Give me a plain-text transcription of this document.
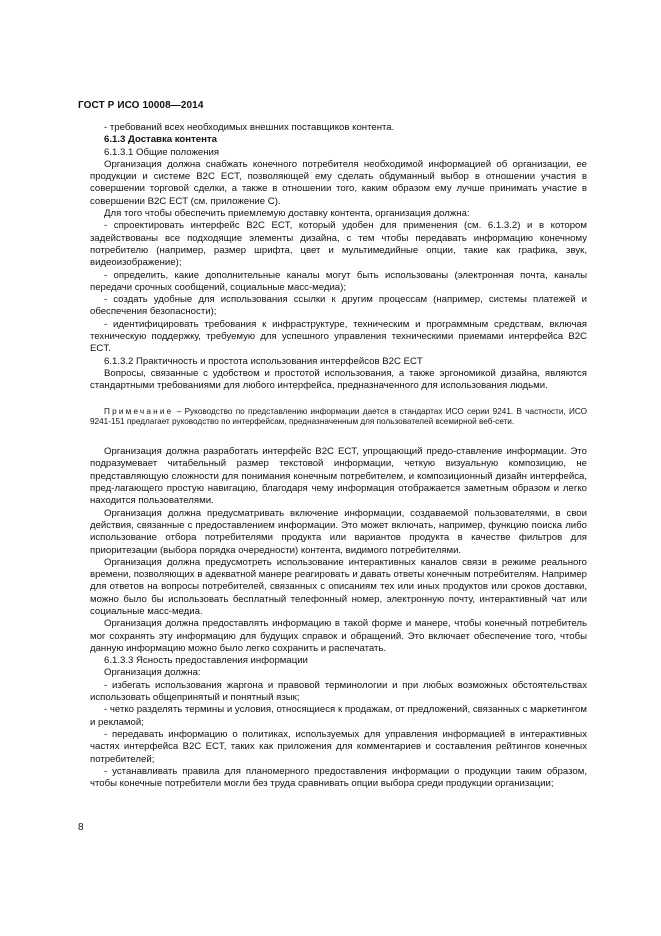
ГОСТ Р ИСО 10008—2014

- требований всех необходимых внешних поставщиков контента.

6.1.3 Доставка контента

6.1.3.1 Общие положения

Организация должна снабжать конечного потребителя необходимой информацией об организации, ее продукции и системе B2C ECT, позволяющей ему сделать обдуманный выбор в отношении участия в совершении торговой сделки, а также в отношении того, каким образом ему лучше принимать участие в совершении B2C ECT (см. приложение С).

Для того чтобы обеспечить приемлемую доставку контента, организация должна:

- спроектировать интерфейс B2C ECT, который удобен для применения (см. 6.1.3.2) и в котором задействованы все подходящие элементы дизайна, с тем чтобы передавать информацию конечному потребителю (например, размер шрифта, цвет и мультимедийные опции, такие как графика, звук, видеоизображение);

- определить, какие дополнительные каналы могут быть использованы (электронная почта, каналы передачи срочных сообщений, социальные масс-медиа);

- создать удобные для использования ссылки к другим процессам (например, системы платежей и обеспечения безопасности);

- идентифицировать требования к инфраструктуре, техническим и программным средствам, включая техническую поддержку, требуемую для успешного управления техническими приемами интерфейса B2C ECT.

6.1.3.2 Практичность и простота использования интерфейсов B2C ECT

Вопросы, связанные с удобством и простотой использования, а также эргономикой дизайна, являются стандартными требованиями для любого интерфейса, предназначенного для использования людьми.

Примечание – Руководство по представлению информации дается в стандартах ИСО серии 9241. В частности, ИСО 9241-151 предлагает руководство по интерфейсам, предназначенным для пользователей всемирной веб-сети.

Организация должна разработать интерфейс B2C ECT, упрощающий предо-ставление информации. Это подразумевает читабельный размер текстовой информации, четкую визуальную композицию, не представляющую сложности для понимания конечным потребителем, и композиционный дизайн интерфейса, пред-лагающего простую навигацию, благодаря чему информация отображается заметным образом и легко находится пользователями.

Организация должна предусматривать включение информации, создаваемой пользователями, в свои действия, связанные с предоставлением информации. Это может включать, например, функцию поиска либо использование отбора потребителями продукта или вариантов продукта в качестве фильтров для приоритезации (выбора порядка очередности) контента, видимого потребителями.

Организация должна предусмотреть использование интерактивных каналов связи в режиме реального времени, позволяющих в адекватной манере реагировать и давать ответы конечным потребителям. Например для ответов на вопросы потребителей, связанных с описаниям тех или иных продуктов или сроков доставки, можно было бы использовать бесплатный телефонный номер, электронную почту, интерактивный чат или социальные масс-медиа.

Организация должна предоставлять информацию в такой форме и манере, чтобы конечный потребитель мог сохранять эту информацию для будущих справок и обращений. Это включает обеспечение того, чтобы данную информацию можно было легко сохранить и распечатать.

6.1.3.3 Ясность предоставления информации

Организация должна:

- избегать использования жаргона и правовой терминологии и при любых возможных обстоятельствах использовать общепринятый и понятный язык;

- четко разделять термины и условия, относящиеся к продажам, от предложений, связанных с маркетингом и рекламой;

- передавать информацию о политиках, используемых для управления информацией в интерактивных частях интерфейса B2C ECT, таких как приложения для комментариев и составления рейтингов конечных потребителей;

- устанавливать правила для планомерного предоставления информации о продукции таким образом, чтобы конечные потребители могли без труда сравнивать опции выбора среди продукции организации;

8
